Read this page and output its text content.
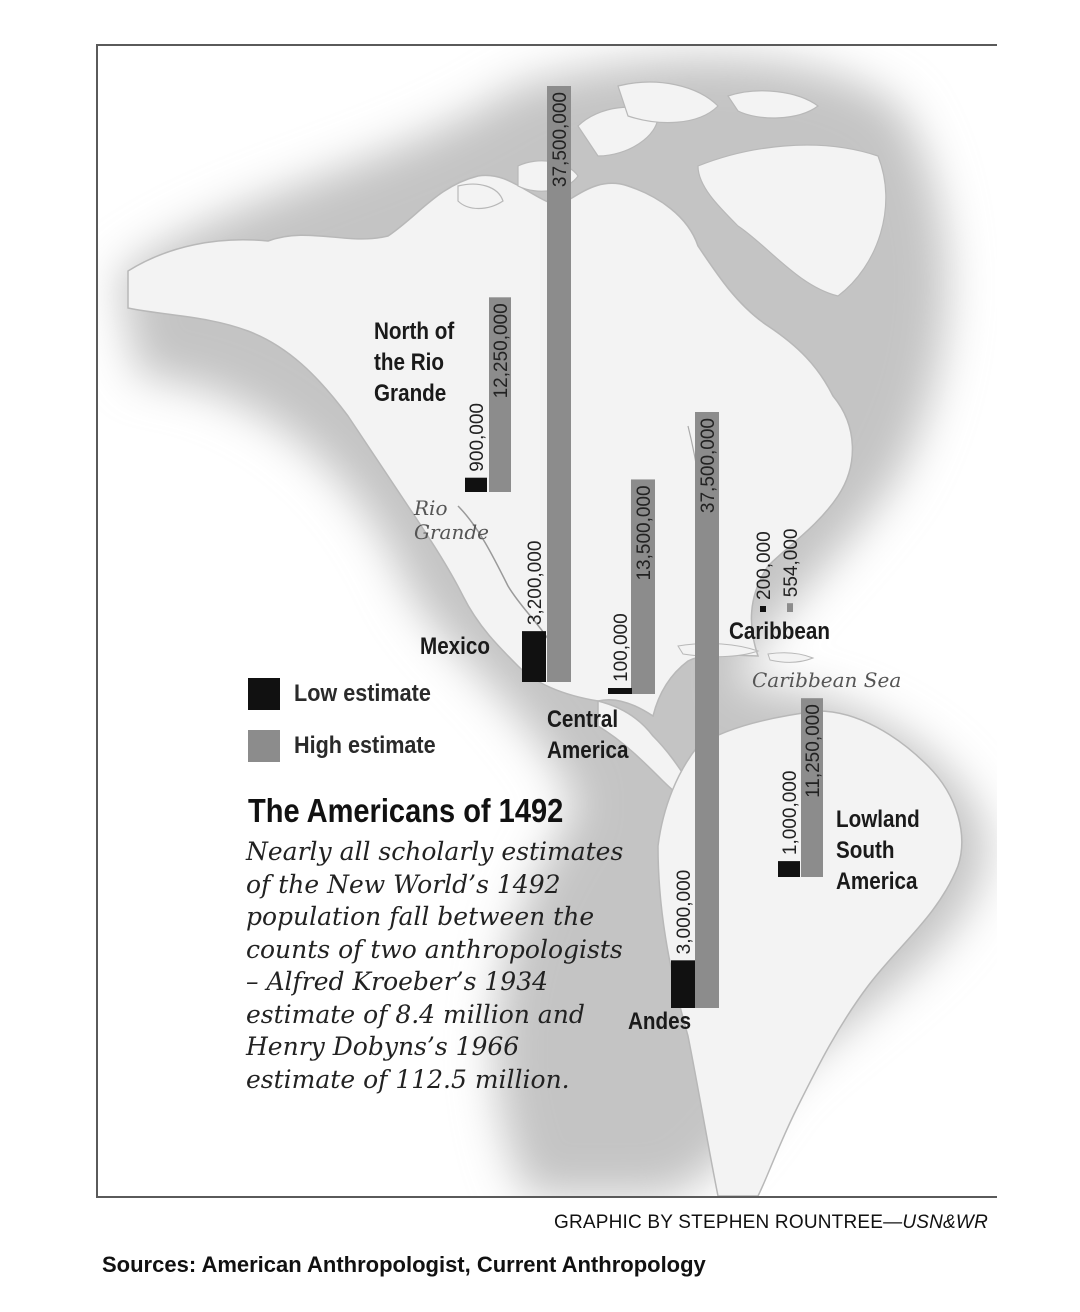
900,000
12,250,000
3,200,000
37,500,000
100,000
13,500,000	200,000 554,000
3,000,000
37,500,000
1,000,000
11,250,000
North of
the Rio
Grande
Mexico
Central
America
Caribbean
Andes
Lowland
South
America
Rio
Grande
Caribbean Sea
Low estimate
High estimate
The Americans of 1492
Nearly all scholarly estimates of the New World’s 1492 population fall between the counts of two anthropologists – Alfred Kroeber’s 1934 estimate of 8.4 million and Henry Dobyns’s 1966 estimate of 112.5 million.
GRAPHIC BY STEPHEN ROUNTREE—USN&WR
Sources: American Anthropologist, Current Anthropology
